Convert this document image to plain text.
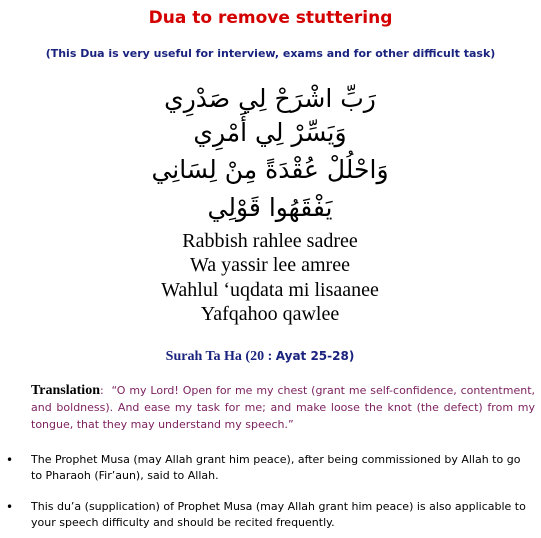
Dua to remove stuttering
(This Dua is very useful for interview, exams and for other difficult task)
رَبِّ اشْرَحْ لِي صَدْرِي
وَيَسِّرْ لِي أَمْرِي
وَاحْلُلْ عُقْدَةً مِنْ لِسَانِي
يَفْقَهُوا قَوْلِي
Rabbish rahlee sadree
Wa yassir lee amree
Wahlul ‘uqdata mi lisaanee
Yafqahoo qawlee
Surah Ta Ha (20 : Ayat 25-28)
Translation:  “O my Lord! Open for me my chest (grant me self-confidence, contentment, and boldness). And ease my task for me; and make loose the knot (the defect) from my tongue, that they may understand my speech.”
• The Prophet Musa (may Allah grant him peace), after being commissioned by Allah to go to Pharaoh (Fir’aun), said to Allah.
• This du’a (supplication) of Prophet Musa (may Allah grant him peace) is also applicable to your speech difficulty and should be recited frequently.
